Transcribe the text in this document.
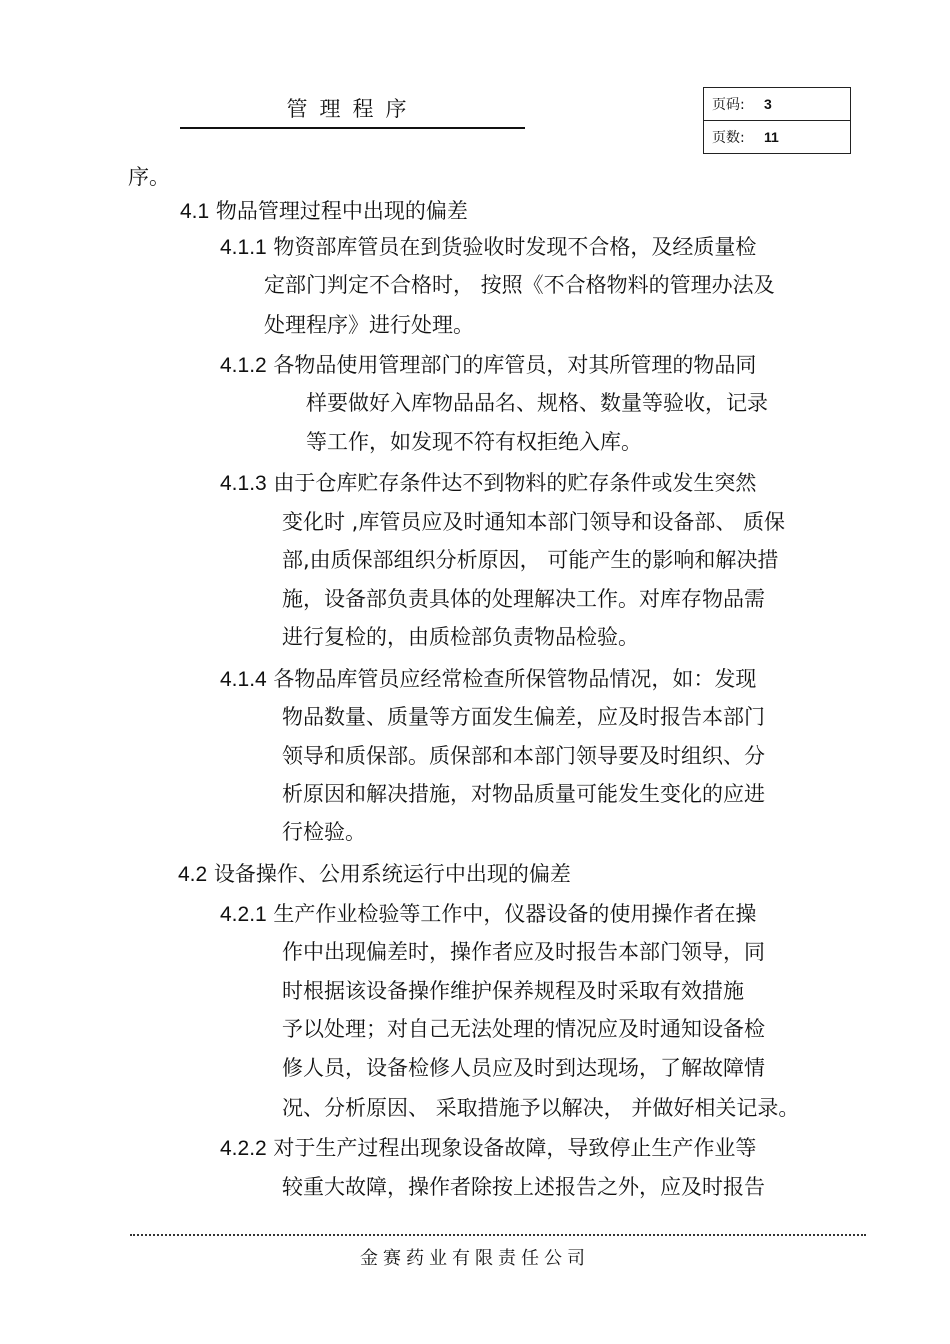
管理程序	页码: 3
页数: 11
序。
4.1 物品管理过程中出现的偏差
4.1.1 物资部库管员在到货验收时发现不合格，及经质量检
定部门判定不合格时， 按照《不合格物料的管理办法及
处理程序》进行处理。
4.1.2 各物品使用管理部门的库管员，对其所管理的物品同
样要做好入库物品品名、规格、数量等验收，记录
等工作，如发现不符有权拒绝入库。
4.1.3 由于仓库贮存条件达不到物料的贮存条件或发生突然
变化时 ,库管员应及时通知本部门领导和设备部、 质保
部,由质保部组织分析原因， 可能产生的影响和解决措
施，设备部负责具体的处理解决工作。对库存物品需
进行复检的，由质检部负责物品检验。
4.1.4 各物品库管员应经常检查所保管物品情况，如：发现
物品数量、质量等方面发生偏差，应及时报告本部门
领导和质保部。质保部和本部门领导要及时组织、分
析原因和解决措施，对物品质量可能发生变化的应进
行检验。
4.2 设备操作、公用系统运行中出现的偏差
4.2.1 生产作业检验等工作中，仪器设备的使用操作者在操
作中出现偏差时，操作者应及时报告本部门领导，同
时根据该设备操作维护保养规程及时采取有效措施
予以处理；对自己无法处理的情况应及时通知设备检
修人员，设备检修人员应及时到达现场，了解故障情
况、分析原因、 采取措施予以解决， 并做好相关记录。
4.2.2 对于生产过程出现象设备故障，导致停止生产作业等
较重大故障，操作者除按上述报告之外，应及时报告
金赛药业有限责任公司
